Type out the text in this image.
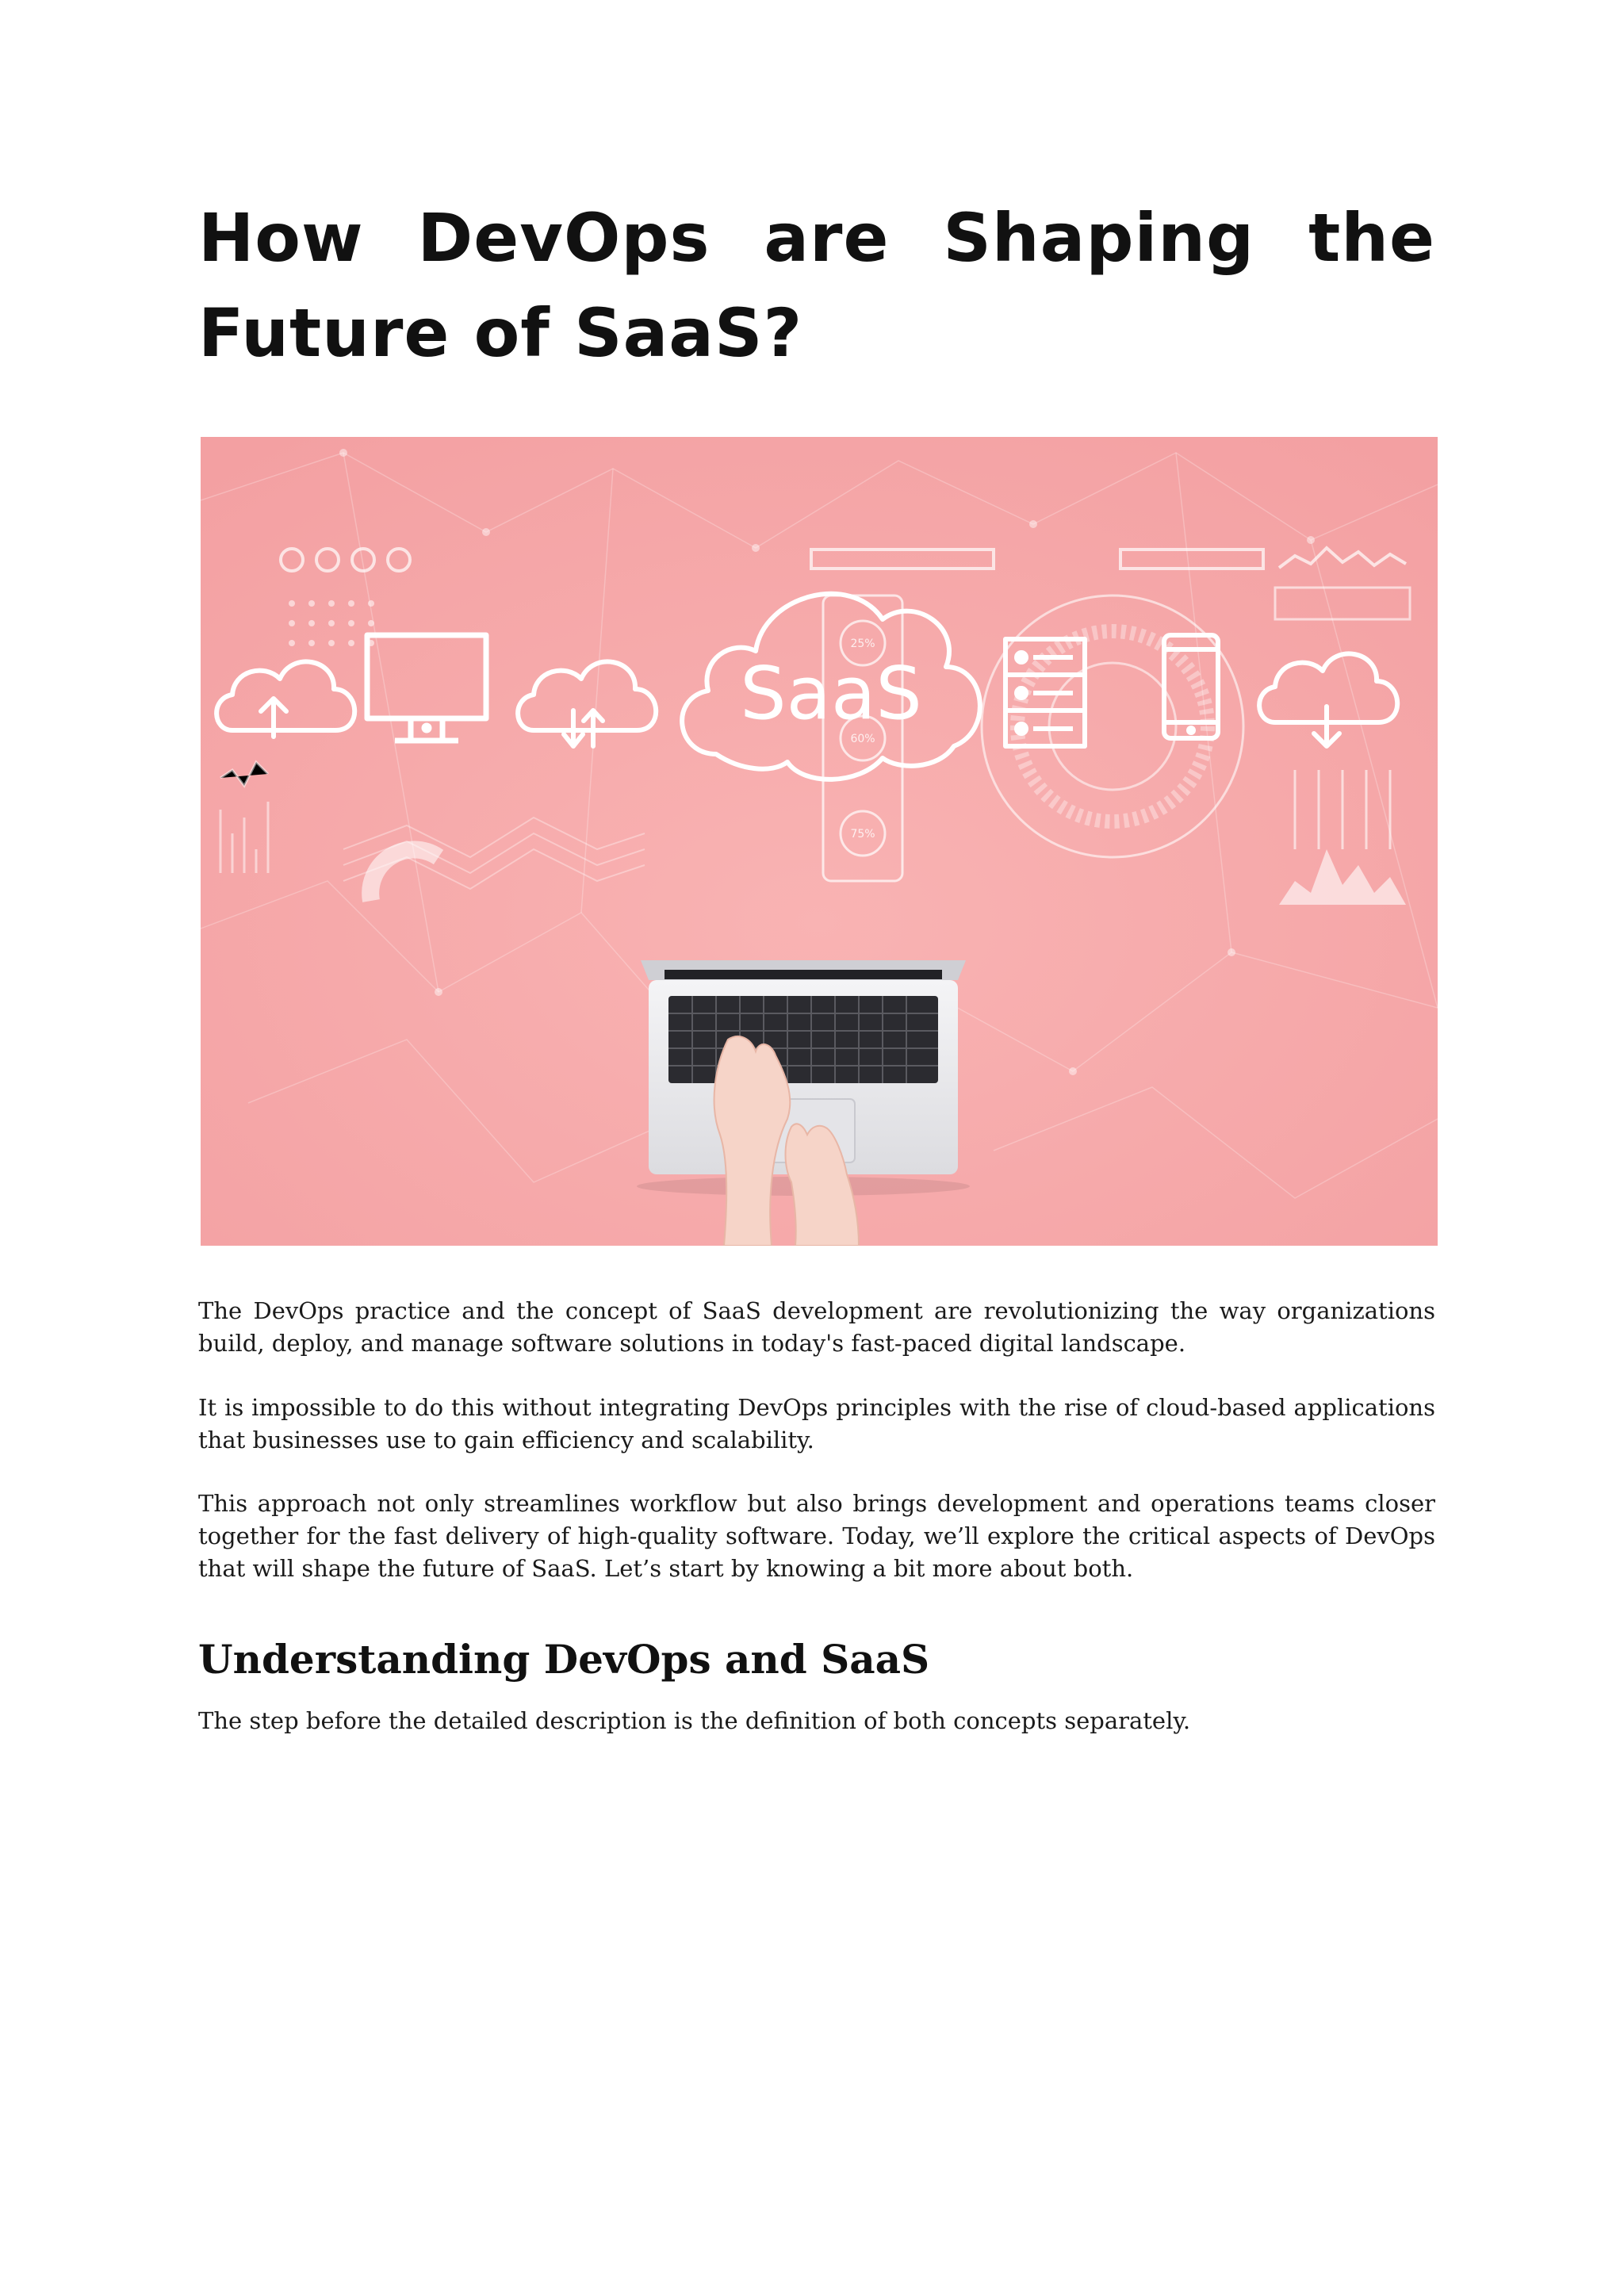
How DevOps are Shaping the Future of SaaS?
SaaS
25%
60%
75%

The DevOps practice and the concept of SaaS development are revolutionizing the way organizations build, deploy, and manage software solutions in today's fast-paced digital landscape.

It is impossible to do this without integrating DevOps principles with the rise of cloud-based applications that businesses use to gain efficiency and scalability.

This approach not only streamlines workflow but also brings development and operations teams closer together for the fast delivery of high-quality software. Today, we’ll explore the critical aspects of DevOps that will shape the future of SaaS. Let’s start by knowing a bit more about both.

Understanding DevOps and SaaS

The step before the detailed description is the definition of both concepts separately.
